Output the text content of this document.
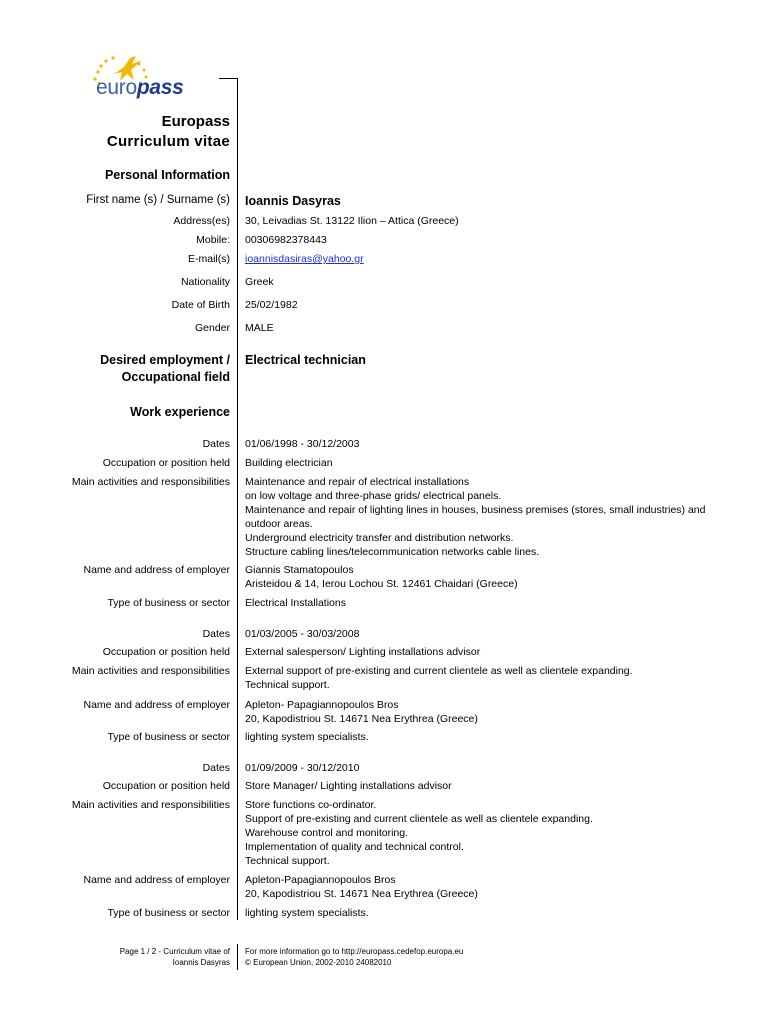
europass
Europass
Curriculum vitae
Personal Information
First name (s) / Surname (s) Ioannis Dasyras
Address(es) 30, Leivadias St. 13122 Ilion – Attica (Greece)
Mobile: 00306982378443
E-mail(s) ioannisdasiras@yahoo.gr
Nationality Greek
Date of Birth 25/02/1982
Gender MALE
Desired employment /
Occupational field
Electrical technician
Work experience
Dates 01/06/1998 - 30/12/2003
Occupation or position held Building electrician
Main activities and responsibilities Maintenance and repair of electrical installations
on low voltage and three-phase grids/ electrical panels.
Maintenance and repair of lighting lines in houses, business premises (stores, small industries) and
outdoor areas.
Underground electricity transfer and distribution networks.
Structure cabling lines/telecommunication networks cable lines.
Name and address of employer Giannis Stamatopoulos
Aristeidou & 14, Ierou Lochou St. 12461 Chaidari (Greece)
Type of business or sector Electrical Installations
Dates 01/03/2005 - 30/03/2008
Occupation or position held External salesperson/ Lighting installations advisor
Main activities and responsibilities External support of pre-existing and current clientele as well as clientele expanding.
Technical support.
Name and address of employer Apleton- Papagiannopoulos Bros
20, Kapodistriou St. 14671 Nea Erythrea (Greece)
Type of business or sector lighting system specialists.
Dates 01/09/2009 - 30/12/2010
Occupation or position held Store Manager/ Lighting installations advisor
Main activities and responsibilities Store functions co-ordinator.
Support of pre-existing and current clientele as well as clientele expanding.
Warehouse control and monitoring.
Implementation of quality and technical control.
Technical support.
Name and address of employer Apleton-Papagiannopoulos Bros
20, Kapodistriou St. 14671 Nea Erythrea (Greece)
Type of business or sector lighting system specialists.
Page 1 / 2 - Curriculum vitae of
Ioannis Dasyras
For more information go to http://europass.cedefop.europa.eu
© European Union, 2002-2010 24082010
